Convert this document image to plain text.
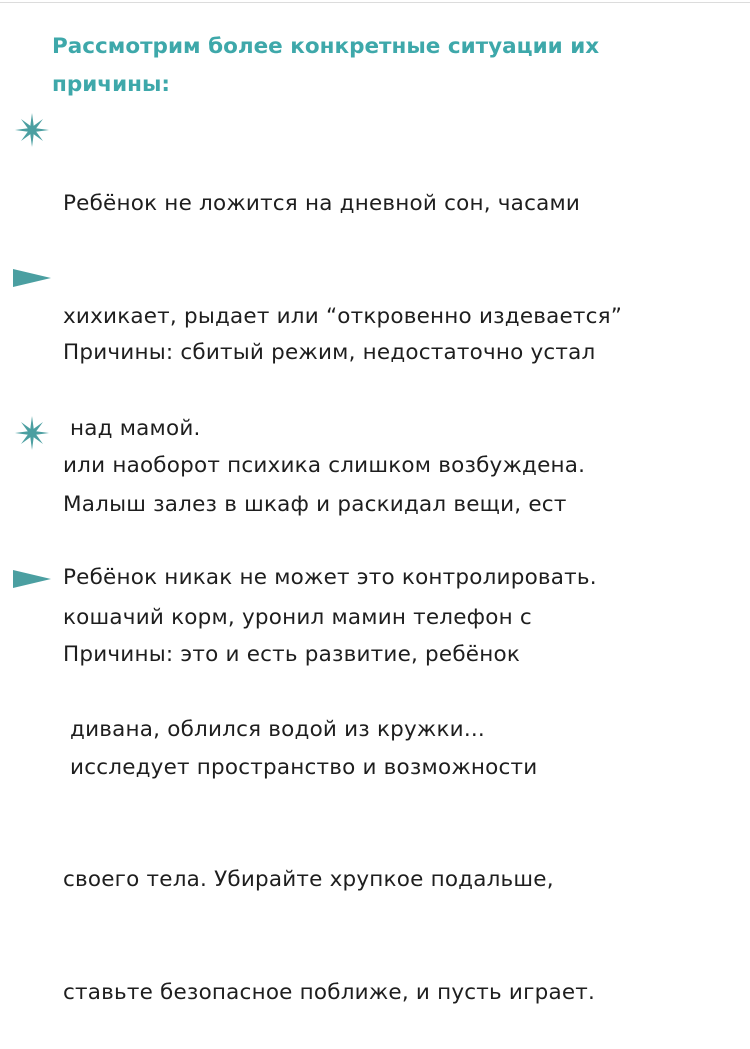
Рассмотрим более конкретные ситуации их
причины:

Ребёнок не ложится на дневной сон, часами

хихикает, рыдает или “откровенно издевается”

над мамой.

Причины: сбитый режим, недостаточно устал

или наоборот психика слишком возбуждена.

Ребёнок никак не может это контролировать.

Малыш залез в шкаф и раскидал вещи, ест

кошачий корм, уронил мамин телефон с

дивана, облился водой из кружки...

Причины: это и есть развитие, ребёнок

исследует пространство и возможности

своего тела. Убирайте хрупкое подальше,

ставьте безопасное поближе, и пусть играет.
